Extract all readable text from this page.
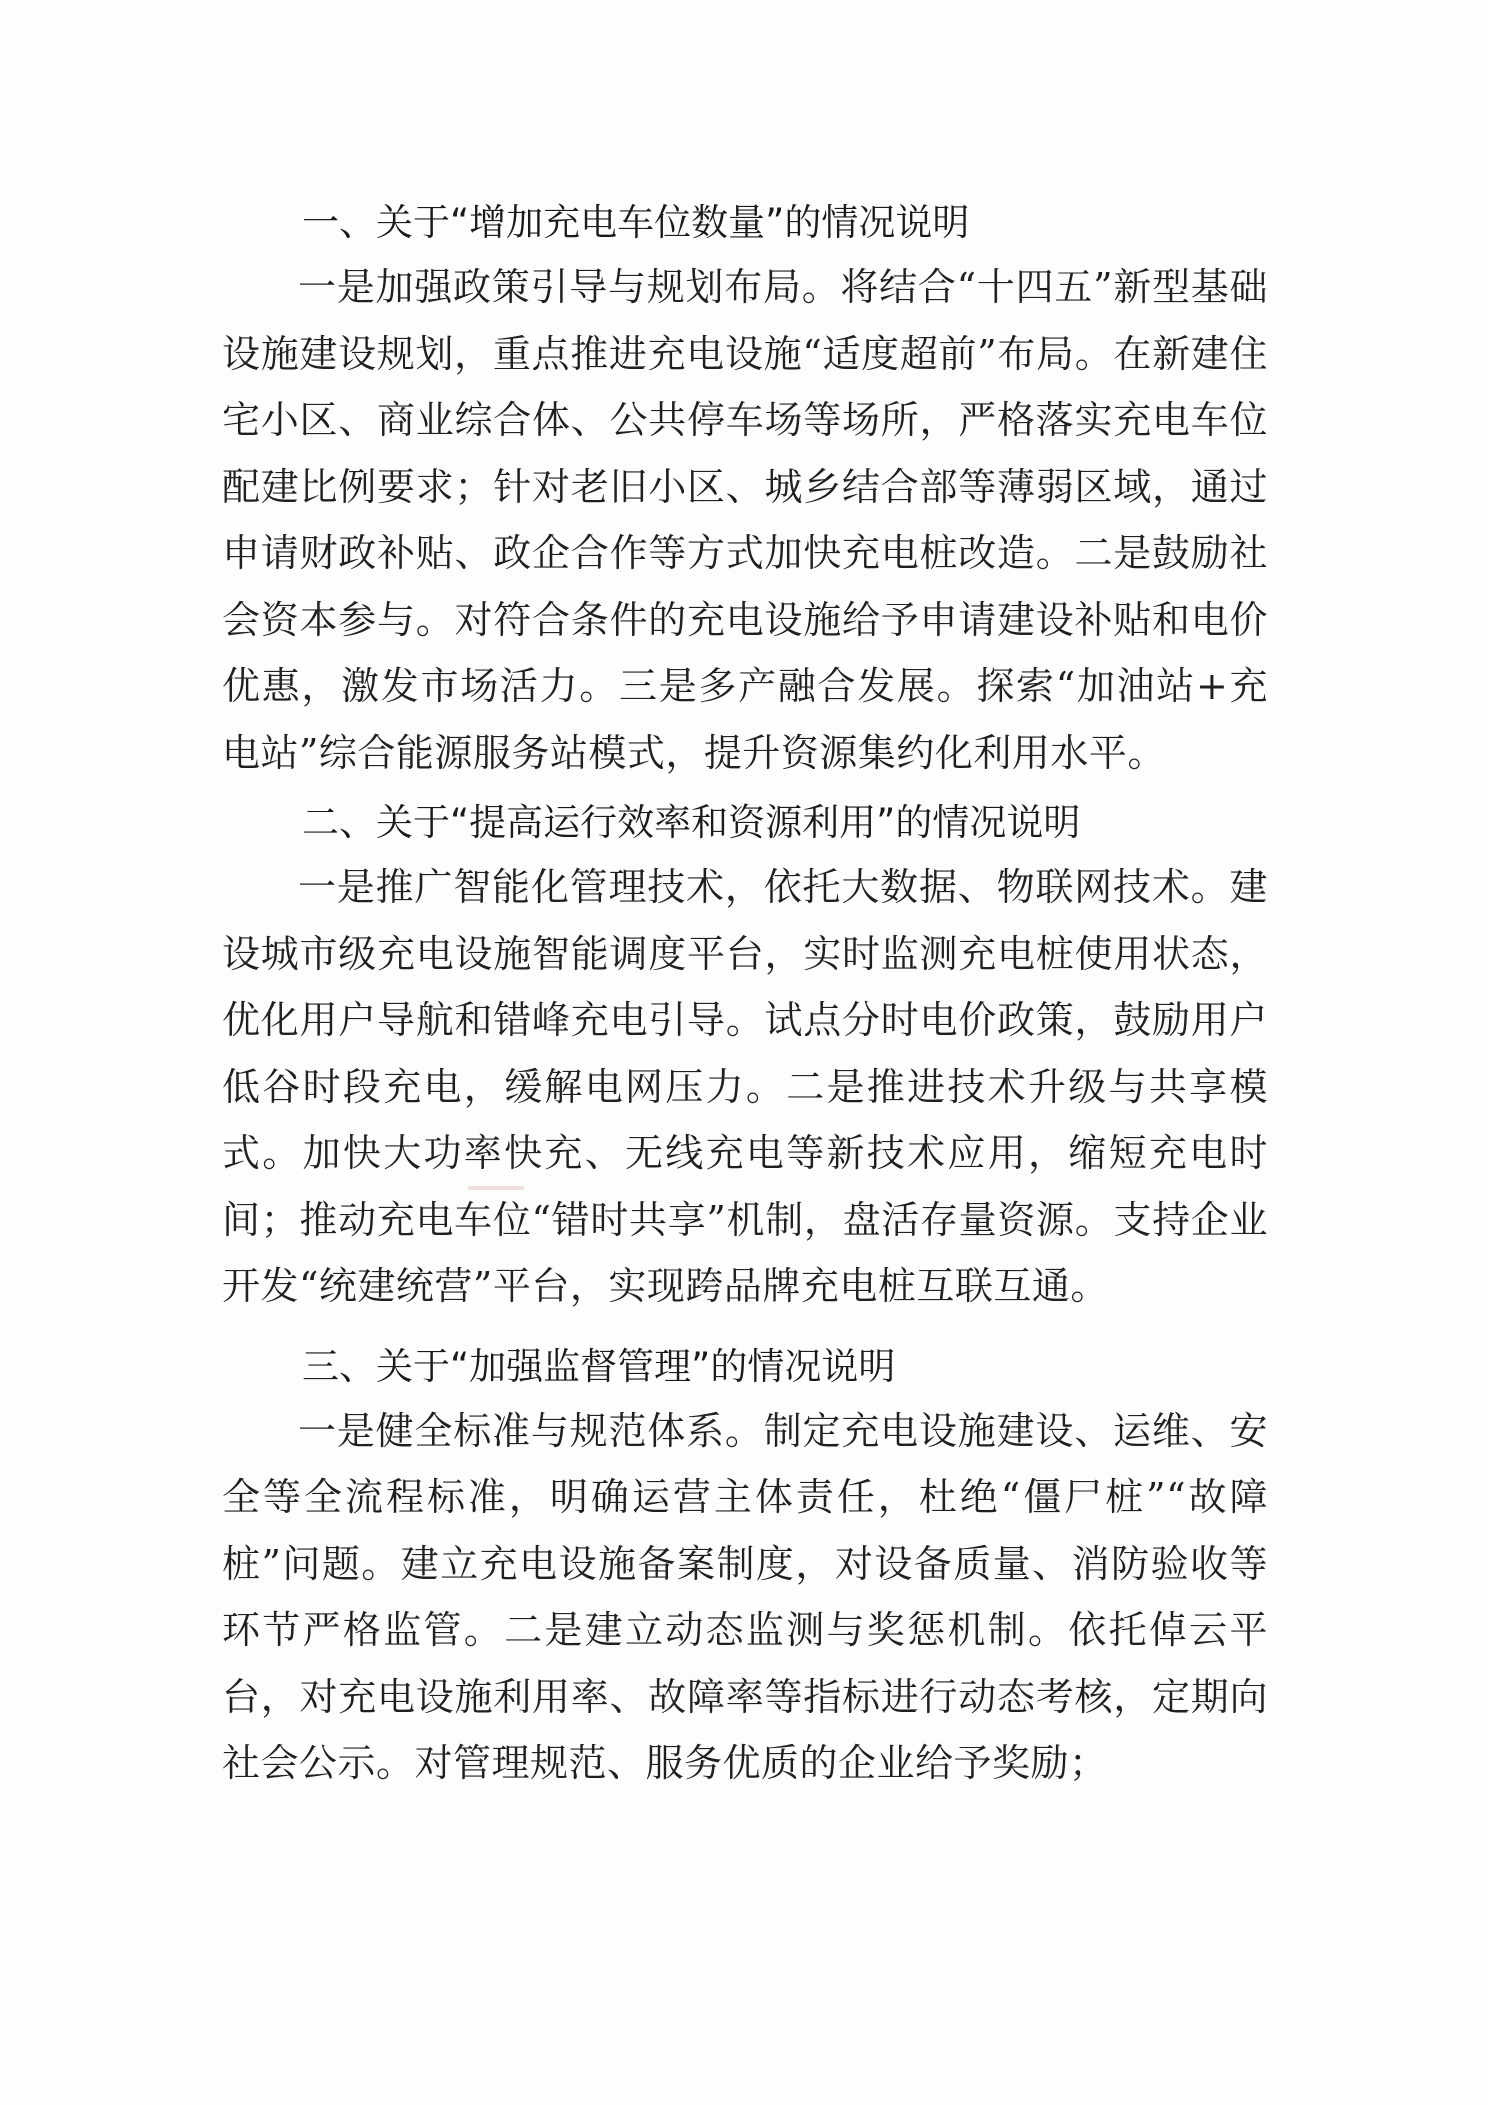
一、关于“增加充电车位数量”的情况说明

一是加强政策引导与规划布局。将结合“十四五”新型基础设施建设规划，重点推进充电设施“适度超前”布局。在新建住宅小区、商业综合体、公共停车场等场所，严格落实充电车位配建比例要求；针对老旧小区、城乡结合部等薄弱区域，通过申请财政补贴、政企合作等方式加快充电桩改造。二是鼓励社会资本参与。对符合条件的充电设施给予申请建设补贴和电价优惠，激发市场活力。三是多产融合发展。探索“加油站+充电站”综合能源服务站模式，提升资源集约化利用水平。

二、关于“提高运行效率和资源利用”的情况说明

一是推广智能化管理技术，依托大数据、物联网技术。建设城市级充电设施智能调度平台，实时监测充电桩使用状态，优化用户导航和错峰充电引导。试点分时电价政策，鼓励用户低谷时段充电，缓解电网压力。二是推进技术升级与共享模式。加快大功率快充、无线充电等新技术应用，缩短充电时间；推动充电车位“错时共享”机制，盘活存量资源。支持企业开发“统建统营”平台，实现跨品牌充电桩互联互通。

三、关于“加强监督管理”的情况说明

一是健全标准与规范体系。制定充电设施建设、运维、安全等全流程标准，明确运营主体责任，杜绝“僵尸桩”“故障桩”问题。建立充电设施备案制度，对设备质量、消防验收等环节严格监管。二是建立动态监测与奖惩机制。依托倬云平台，对充电设施利用率、故障率等指标进行动态考核，定期向社会公示。对管理规范、服务优质的企业给予奖励；
